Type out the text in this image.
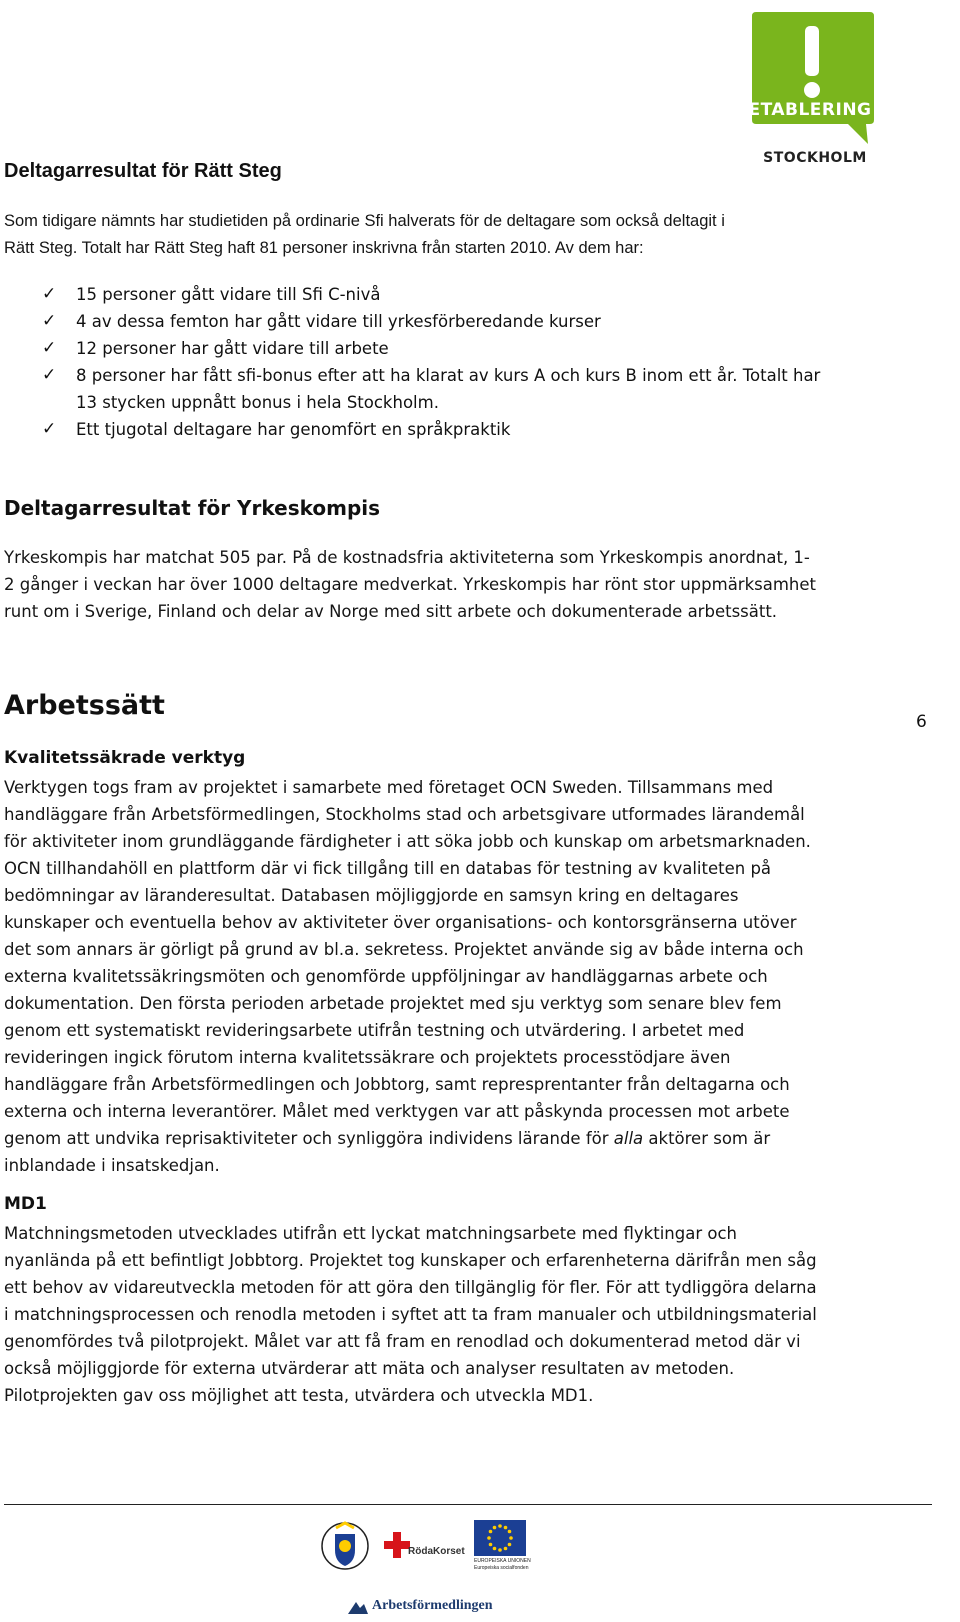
ETABLERING
STOCKHOLM
Deltagarresultat för Rätt Steg
Som tidigare nämnts har studietiden på ordinarie Sfi halverats för de deltagare som också deltagit i
Rätt Steg. Totalt har Rätt Steg haft 81 personer inskrivna från starten 2010. Av dem har:
✓ 15 personer gått vidare till Sfi C-nivå
✓ 4 av dessa femton har gått vidare till yrkesförberedande kurser
✓ 12 personer har gått vidare till arbete
✓ 8 personer har fått sfi-bonus efter att ha klarat av kurs A och kurs B inom ett år. Totalt har 13 stycken uppnått bonus i hela Stockholm.
✓ Ett tjugotal deltagare har genomfört en språkpraktik
Deltagarresultat för Yrkeskompis
Yrkeskompis har matchat 505 par. På de kostnadsfria aktiviteterna som Yrkeskompis anordnat, 1-2 gånger i veckan har över 1000 deltagare medverkat. Yrkeskompis har rönt stor uppmärksamhet runt om i Sverige, Finland och delar av Norge med sitt arbete och dokumenterade arbetssätt.
Arbetssätt
6
Kvalitetssäkrade verktyg
Verktygen togs fram av projektet i samarbete med företaget OCN Sweden. Tillsammans med handläggare från Arbetsförmedlingen, Stockholms stad och arbetsgivare utformades lärandemål för aktiviteter inom grundläggande färdigheter i att söka jobb och kunskap om arbetsmarknaden. OCN tillhandahöll en plattform där vi fick tillgång till en databas för testning av kvaliteten på bedömningar av läranderesultat. Databasen möjliggjorde en samsyn kring en deltagares kunskaper och eventuella behov av aktiviteter över organisations- och kontorsgränserna utöver det som annars är görligt på grund av bl.a. sekretess. Projektet använde sig av både interna och externa kvalitetssäkringsmöten och genomförde uppföljningar av handläggarnas arbete och dokumentation. Den första perioden arbetade projektet med sju verktyg som senare blev fem genom ett systematiskt revideringsarbete utifrån testning och utvärdering. I arbetet med revideringen ingick förutom interna kvalitetssäkrare och projektets processtödjare även handläggare från Arbetsförmedlingen och Jobbtorg, samt represprentanter från deltagarna och externa och interna leverantörer. Målet med verktygen var att påskynda processen mot arbete genom att undvika reprisaktiviteter och synliggöra individens lärande för alla aktörer som är inblandade i insatskedjan.
MD1
Matchningsmetoden utvecklades utifrån ett lyckat matchningsarbete med flyktingar och nyanlända på ett befintligt Jobbtorg. Projektet tog kunskaper och erfarenheterna därifrån men såg ett behov av vidareutveckla metoden för att göra den tillgänglig för fler. För att tydliggöra delarna i matchningsprocessen och renodla metoden i syftet att ta fram manualer och utbildningsmaterial genomfördes två pilotprojekt. Målet var att få fram en renodlad och dokumenterad metod där vi också möjliggjorde för externa utvärderar att mäta och analyser resultaten av metoden.
Pilotprojekten gav oss möjlighet att testa, utvärdera och utveckla MD1.
RödaKorset
EUROPEISKA UNIONEN
Europeiska socialfonden
Arbetsförmedlingen
